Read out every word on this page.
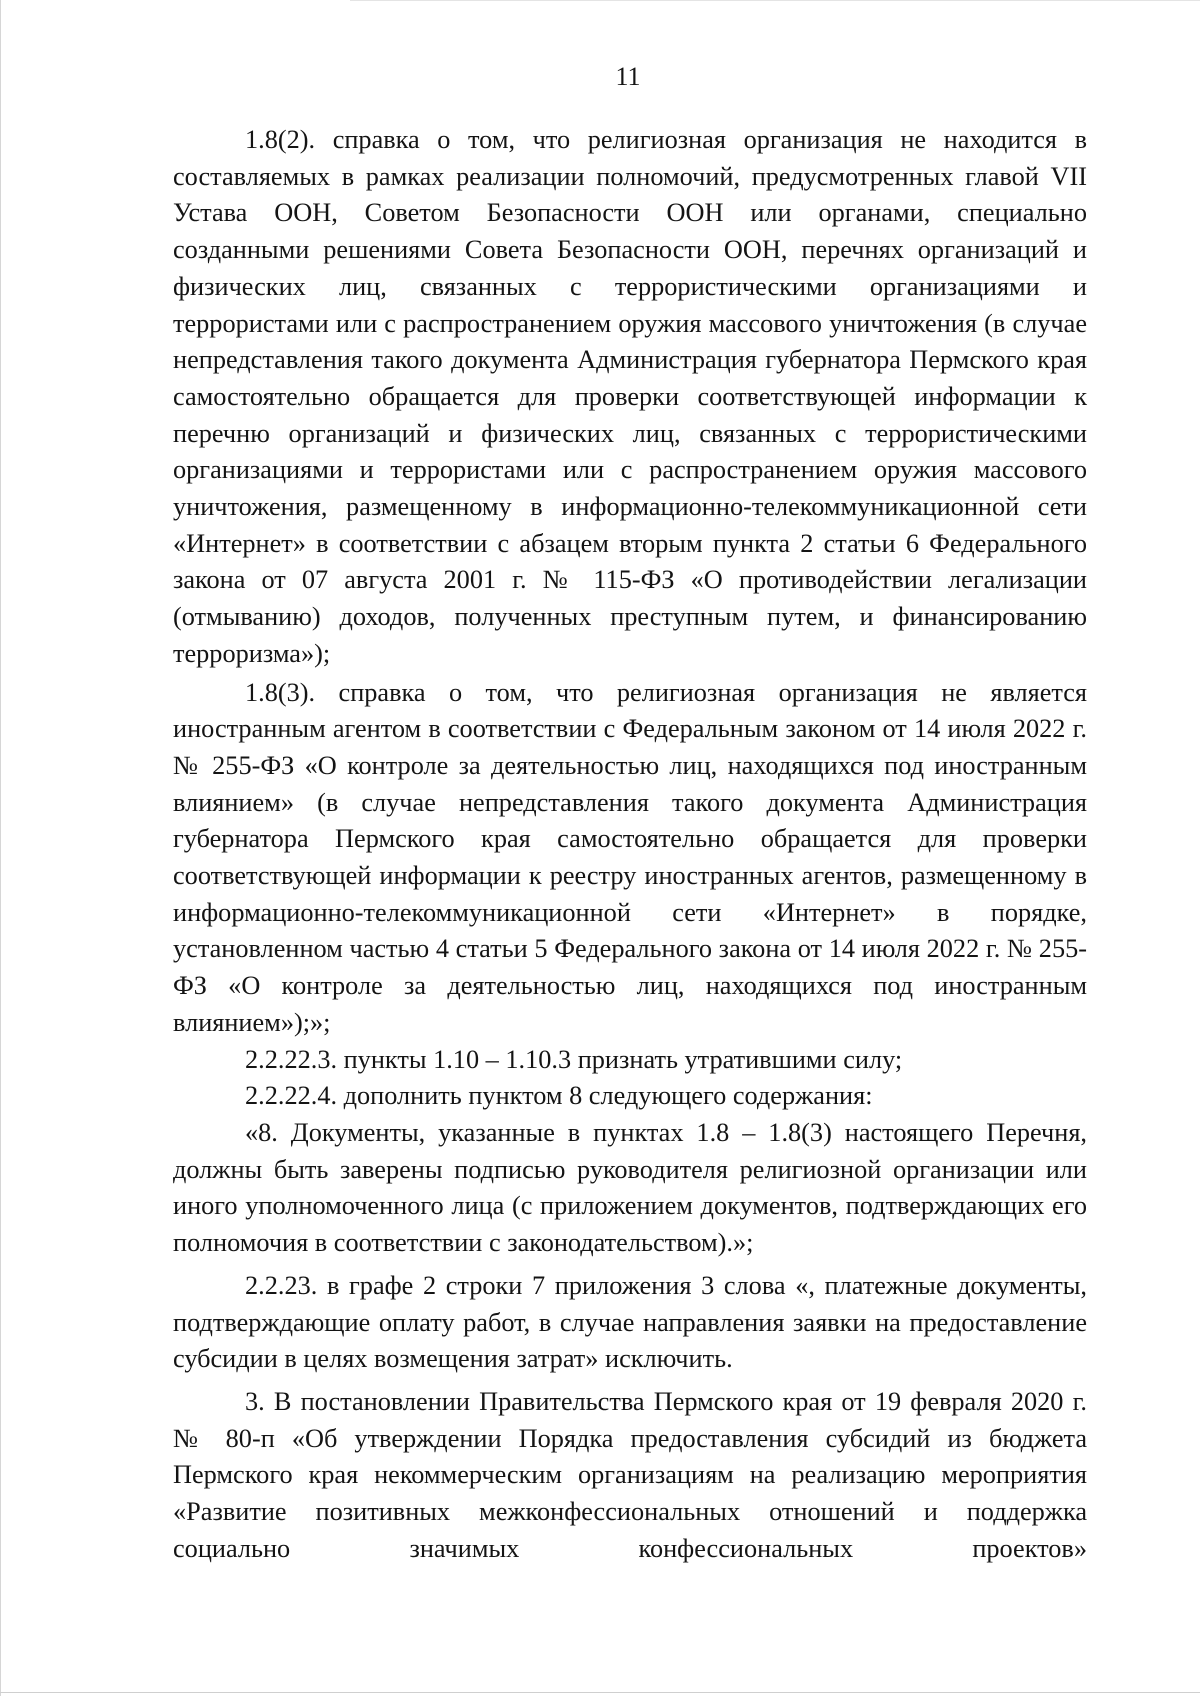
11

1.8(2). справка о том, что религиозная организация не находится в составляемых в рамках реализации полномочий, предусмотренных главой VII Устава ООН, Советом Безопасности ООН или органами, специально созданными решениями Совета Безопасности ООН, перечнях организаций и физических лиц, связанных с террористическими организациями и террористами или с распространением оружия массового уничтожения (в случае непредставления такого документа Администрация губернатора Пермского края самостоятельно обращается для проверки соответствующей информации к перечню организаций и физических лиц, связанных с террористическими организациями и террористами или с распространением оружия массового уничтожения, размещенному в информационно-телекоммуникационной сети «Интернет» в соответствии с абзацем вторым пункта 2 статьи 6 Федерального закона от 07 августа 2001 г. № 115-ФЗ «О противодействии легализации (отмыванию) доходов, полученных преступным путем, и финансированию терроризма»);

1.8(3). справка о том, что религиозная организация не является иностранным агентом в соответствии с Федеральным законом от 14 июля 2022 г. № 255-ФЗ «О контроле за деятельностью лиц, находящихся под иностранным влиянием» (в случае непредставления такого документа Администрация губернатора Пермского края самостоятельно обращается для проверки соответствующей информации к реестру иностранных агентов, размещенному в информационно-телекоммуникационной сети «Интернет» в порядке, установленном частью 4 статьи 5 Федерального закона от 14 июля 2022 г. № 255-ФЗ «О контроле за деятельностью лиц, находящихся под иностранным влиянием»);»;

2.2.22.3. пункты 1.10 – 1.10.3 признать утратившими силу;

2.2.22.4. дополнить пунктом 8 следующего содержания:

«8. Документы, указанные в пунктах 1.8 – 1.8(3) настоящего Перечня, должны быть заверены подписью руководителя религиозной организации или иного уполномоченного лица (с приложением документов, подтверждающих его полномочия в соответствии с законодательством).»;

2.2.23. в графе 2 строки 7 приложения 3 слова «, платежные документы, подтверждающие оплату работ, в случае направления заявки на предоставление субсидии в целях возмещения затрат» исключить.

3. В постановлении Правительства Пермского края от 19 февраля 2020 г. № 80-п «Об утверждении Порядка предоставления субсидий из бюджета Пермского края некоммерческим организациям на реализацию мероприятия «Развитие позитивных межконфессиональных отношений и поддержка социально значимых конфессиональных проектов»
